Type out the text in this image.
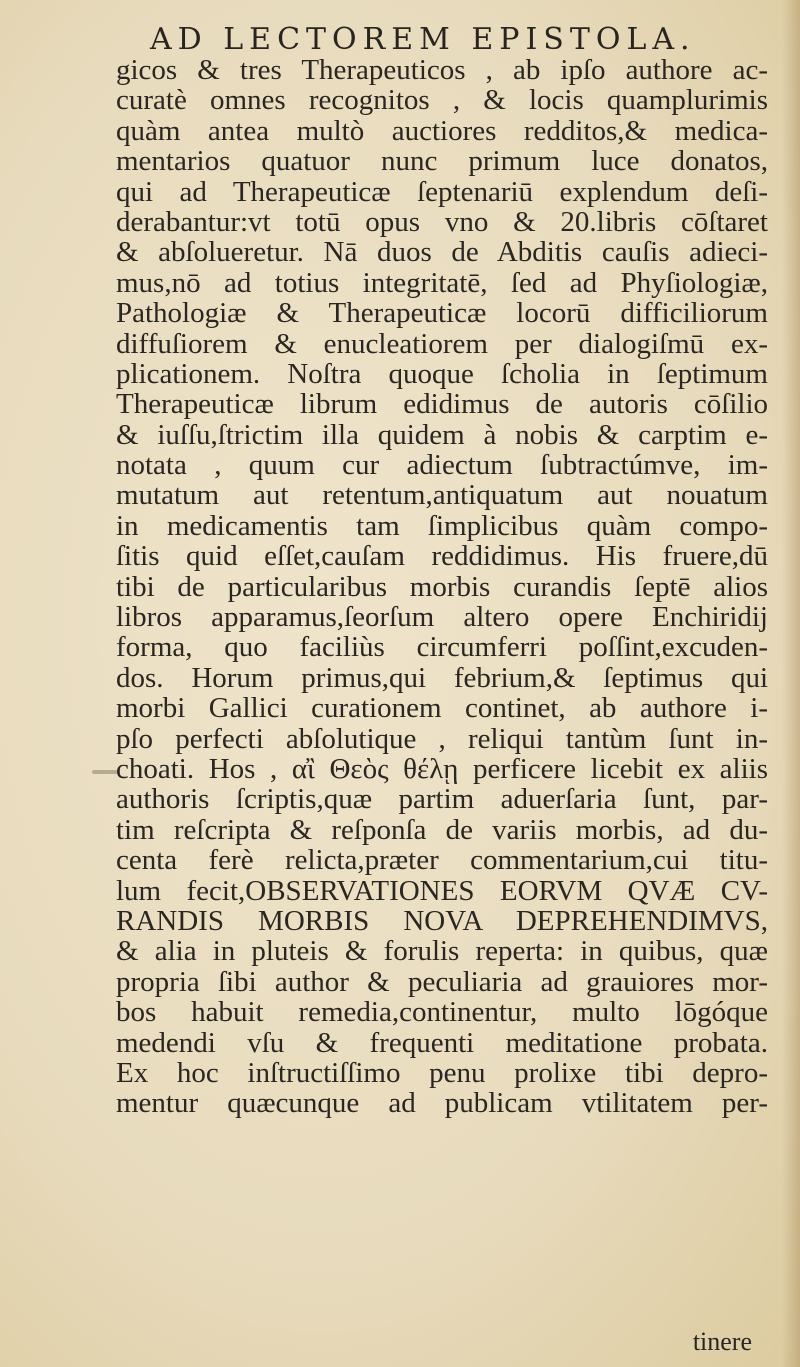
AD LECTOREM EPISTOLA.
gicos & tres Therapeuticos , ab ipſo authore ac-
curatè omnes recognitos , & locis quamplurimis
quàm antea multò auctiores redditos,& medica-
mentarios quatuor nunc primum luce donatos,
qui ad Therapeuticæ ſeptenariū explendum deſi-
derabantur:vt totū opus vno & 20.libris cōſtaret
& abſolueretur. Nā duos de Abditis cauſis adieci-
mus,nō ad totius integritatē, ſed ad Phyſiologiæ,
Pathologiæ & Therapeuticæ locorū difficiliorum
diffuſiorem & enucleatiorem per dialogiſmū ex-
plicationem. Noſtra quoque ſcholia in ſeptimum
Therapeuticæ librum edidimus de autoris cōſilio
& iuſſu,ſtrictim illa quidem à nobis & carptim e-
notata , quum cur adiectum ſubtractúmve, im-
mutatum aut retentum,antiquatum aut nouatum
in medicamentis tam ſimplicibus quàm compo-
ſitis quid eſſet,cauſam reddidimus. His fruere,dū
tibi de particularibus morbis curandis ſeptē alios
libros apparamus,ſeorſum altero opere Enchiridij
forma, quo faciliùs circumferri poſſint,excuden-
dos. Horum primus,qui febrium,& ſeptimus qui
morbi Gallici curationem continet, ab authore i-
pſo perfecti abſolutique , reliqui tantùm ſunt in-
choati. Hos , αἲ Θεὸς θέλῃ perficere licebit ex aliis
authoris ſcriptis,quæ partim aduerſaria ſunt, par-
tim reſcripta & reſponſa de variis morbis, ad du-
centa ferè relicta,præter commentarium,cui titu-
lum fecit,OBSERVATIONES EORVM QVÆ CV-
RANDIS MORBIS NOVA DEPREHENDIMVS,
& alia in pluteis & forulis reperta: in quibus, quæ
propria ſibi author & peculiaria ad grauiores mor-
bos habuit remedia,continentur, multo lōgóque
medendi vſu & frequenti meditatione probata.
Ex hoc inſtructiſſimo penu prolixe tibi depro-
mentur quæcunque ad publicam vtilitatem per-
tinere
